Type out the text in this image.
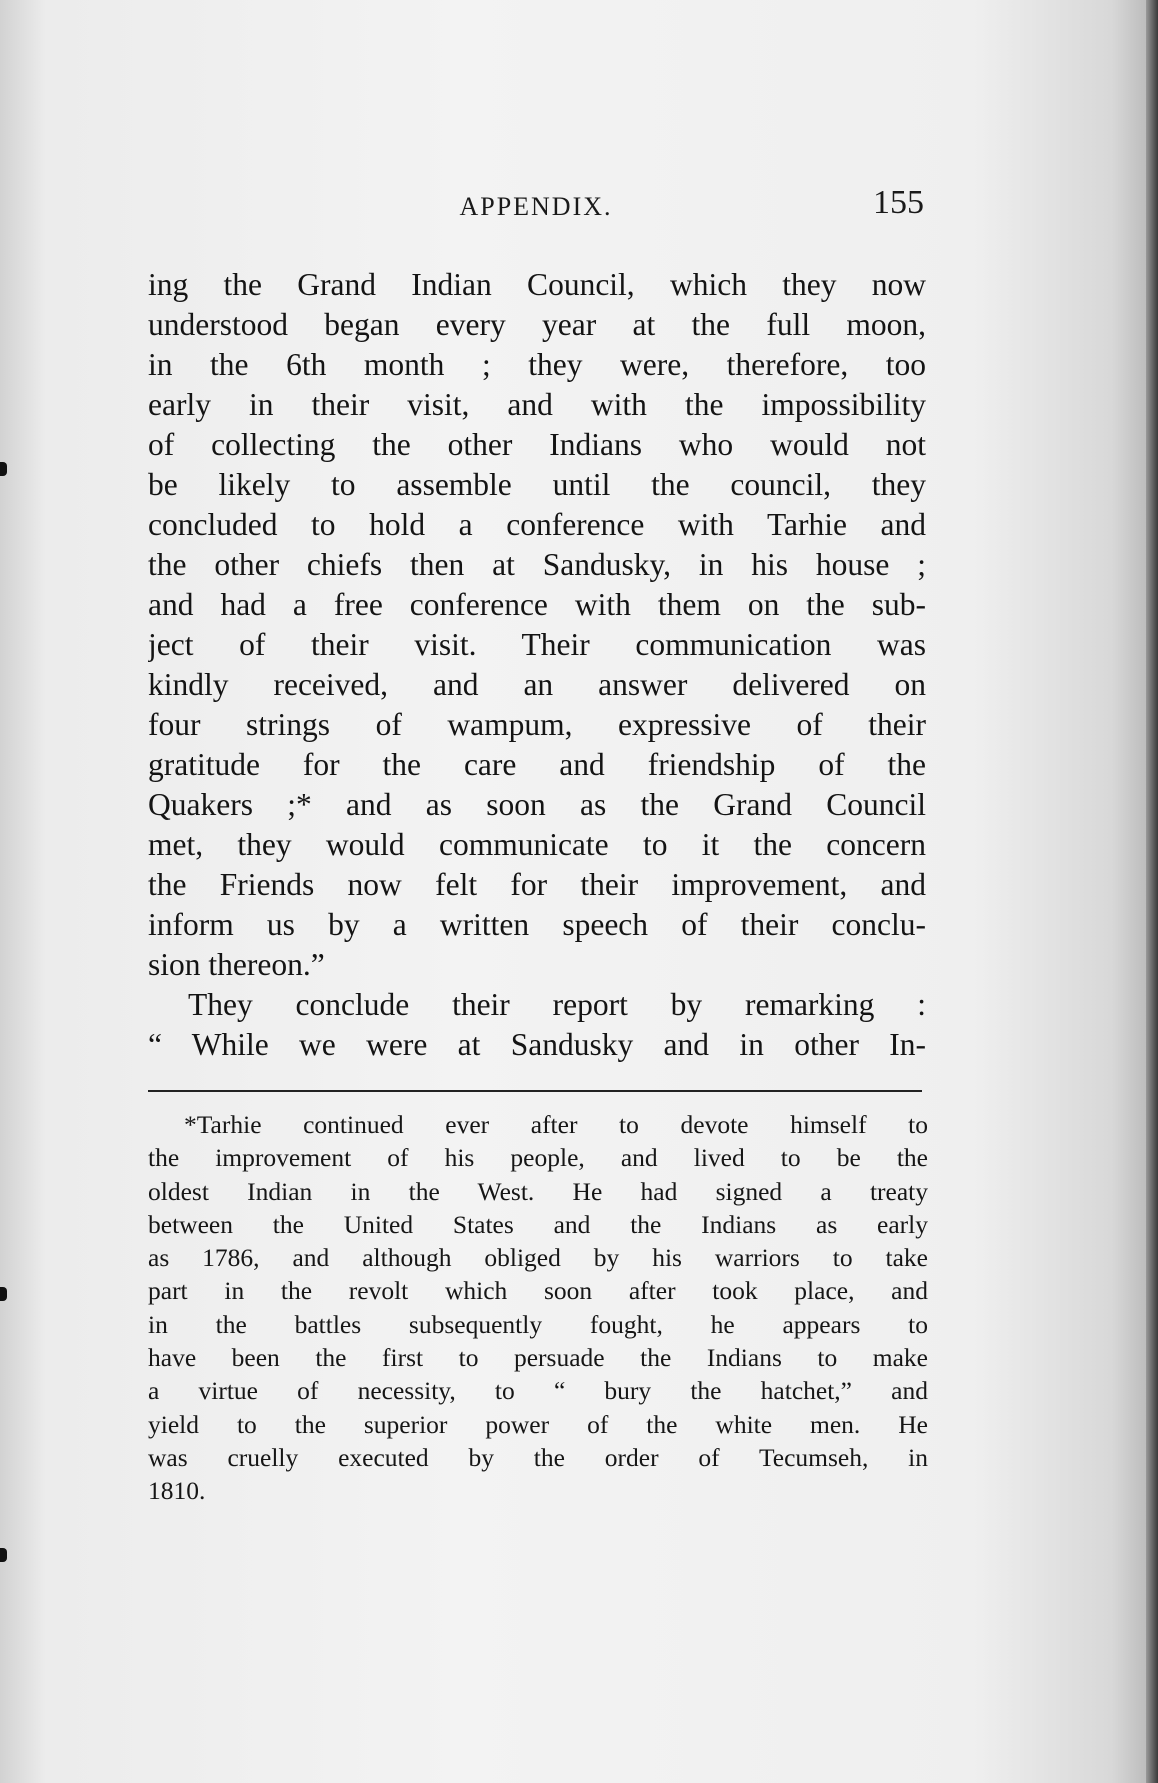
APPENDIX.	155
ing the Grand Indian Council, which they now
understood began every year at the full moon,
in the 6th month ; they were, therefore, too
early in their visit, and with the impossibility
of collecting the other Indians who would not
be likely to assemble until the council, they
concluded to hold a conference with Tarhie and
the other chiefs then at Sandusky, in his house ;
and had a free conference with them on the sub-
ject of their visit. Their communication was
kindly received, and an answer delivered on
four strings of wampum, expressive of their
gratitude for the care and friendship of the
Quakers ;* and as soon as the Grand Council
met, they would communicate to it the concern
the Friends now felt for their improvement, and
inform us by a written speech of their conclu-
sion thereon.”
They conclude their report by remarking :
“ While we were at Sandusky and in other In-
*Tarhie continued ever after to devote himself to
the improvement of his people, and lived to be the
oldest Indian in the West. He had signed a treaty
between the United States and the Indians as early
as 1786, and although obliged by his warriors to take
part in the revolt which soon after took place, and
in the battles subsequently fought, he appears to
have been the first to persuade the Indians to make
a virtue of necessity, to “ bury the hatchet,” and
yield to the superior power of the white men. He
was cruelly executed by the order of Tecumseh, in
1810.
